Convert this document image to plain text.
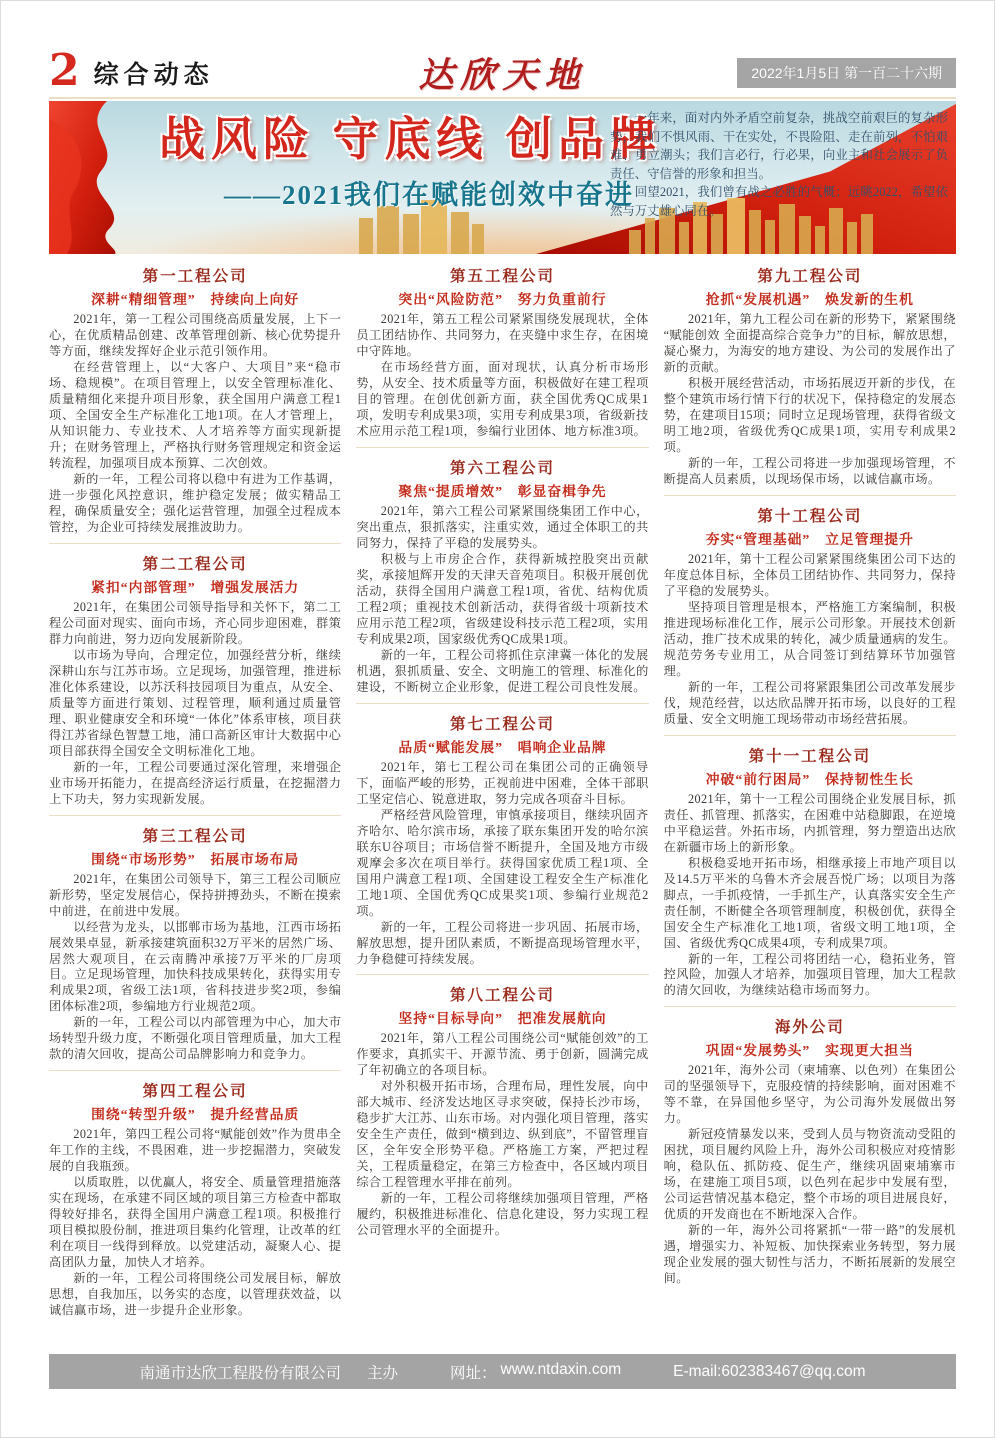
2 综合动态	达欣天地	2022年1月5日 第一百二十六期
战风险 守底线 创品牌
——2021我们在赋能创效中奋进

一年来，面对内外矛盾空前复杂，挑战空前艰巨的复杂形势，我们不惧风雨、干在实处，不畏险阻、走在前列，不怕艰难、勇立潮头；我们言必行，行必果，向业主和社会展示了负责任、守信誉的形象和担当。

回望2021，我们曾有战之必胜的气概；远眺2022，希望依然与万丈雄心同在。

第一工程公司
深耕“精细管理”　持续向上向好

2021年，第一工程公司围绕高质量发展，上下一心，在优质精品创建、改革管理创新、核心优势提升等方面，继续发挥好企业示范引领作用。

在经营管理上，以“大客户、大项目”来“稳市场、稳规模”。在项目管理上，以安全管理标准化、质量精细化来提升项目形象，获全国用户满意工程1项、全国安全生产标准化工地1项。在人才管理上，从知识能力、专业技术、人才培养等方面实现新提升；在财务管理上，严格执行财务管理规定和资金运转流程，加强项目成本预算、二次创效。

新的一年，工程公司将以稳中有进为工作基调，进一步强化风控意识，维护稳定发展；做实精品工程，确保质量安全；强化运营管理，加强全过程成本管控，为企业可持续发展推波助力。

第二工程公司
紧扣“内部管理”　增强发展活力

2021年，在集团公司领导指导和关怀下，第二工程公司面对现实、面向市场，齐心同步迎困难，群策群力向前进，努力迈向发展新阶段。

以市场为导向，合理定位，加强经营分析，继续深耕山东与江苏市场。立足现场，加强管理，推进标准化体系建设，以苏沃科技园项目为重点，从安全、质量等方面进行策划、过程管理，顺利通过质量管理、职业健康安全和环境“一体化”体系审核，项目获得江苏省绿色智慧工地，浦口高新区审计大数据中心项目部获得全国安全文明标准化工地。

新的一年，工程公司要通过深化管理，来增强企业市场开拓能力，在提高经济运行质量，在挖掘潜力上下功夫，努力实现新发展。

第三工程公司
围绕“市场形势”　拓展市场布局

2021年，在集团公司领导下，第三工程公司顺应新形势，坚定发展信心，保持拼搏劲头，不断在摸索中前进，在前进中发展。

以经营为龙头，以邯郸市场为基地，江西市场拓展效果卓显，新承接建筑面积32万平米的居然广场、居然大观项目，在云南腾冲承接7万平米的厂房项目。立足现场管理，加快科技成果转化，获得实用专利成果2项，省级工法1项，省科技进步奖2项，参编团体标准2项，参编地方行业规范2项。

新的一年，工程公司以内部管理为中心，加大市场转型升级力度，不断强化项目管理质量，加大工程款的清欠回收，提高公司品牌影响力和竞争力。

第四工程公司
围绕“转型升级”　提升经营品质

2021年，第四工程公司将“赋能创效”作为贯串全年工作的主线，不畏困难，进一步挖掘潜力，突破发展的自我瓶颈。

以质取胜，以优赢人，将安全、质量管理措施落实在现场，在承建不同区域的项目第三方检查中都取得较好排名，获得全国用户满意工程1项。积极推行项目模拟股份制，推进项目集约化管理，让改革的红利在项目一线得到释放。以党建活动，凝聚人心、提高团队力量，加快人才培养。

新的一年，工程公司将围绕公司发展目标，解放思想，自我加压，以务实的态度，以管理获效益，以诚信赢市场，进一步提升企业形象。

第五工程公司
突出“风险防范”　努力负重前行

2021年，第五工程公司紧紧围绕发展现状，全体员工团结协作、共同努力，在夹缝中求生存，在困境中守阵地。

在市场经营方面，面对现状，认真分析市场形势，从安全、技术质量等方面，积极做好在建工程项目的管理。在创优创新方面，获全国优秀QC成果1项，发明专利成果3项，实用专利成果3项，省级新技术应用示范工程1项，参编行业团体、地方标准3项。

第六工程公司
聚焦“提质增效”　彰显奋楫争先

2021年，第六工程公司紧紧围绕集团工作中心，突出重点，狠抓落实，注重实效，通过全体职工的共同努力，保持了平稳的发展势头。

积极与上市房企合作，获得新城控股突出贡献奖，承接旭辉开发的天津天音苑项目。积极开展创优活动，获得全国用户满意工程1项，省优、结构优质工程2项；重视技术创新活动，获得省级十项新技术应用示范工程2项，省级建设科技示范工程2项，实用专利成果2项，国家级优秀QC成果1项。

新的一年，工程公司将抓住京津冀一体化的发展机遇，狠抓质量、安全、文明施工的管理、标准化的建设，不断树立企业形象，促进工程公司良性发展。

第七工程公司
品质“赋能发展”　唱响企业品牌

2021年，第七工程公司在集团公司的正确领导下，面临严峻的形势，正视前进中困难，全体干部职工坚定信心、锐意进取，努力完成各项奋斗目标。

严格经营风险管理，审慎承接项目，继续巩固齐齐哈尔、哈尔滨市场，承接了联东集团开发的哈尔滨联东U谷项目；市场信誉不断提升，全国及地方市级观摩会多次在项目举行。获得国家优质工程1项、全国用户满意工程1项、全国建设工程安全生产标准化工地1项、全国优秀QC成果奖1项、参编行业规范2项。

新的一年，工程公司将进一步巩固、拓展市场，解放思想，提升团队素质，不断提高现场管理水平，力争稳健可持续发展。

第八工程公司
坚持“目标导向”　把准发展航向

2021年，第八工程公司围绕公司“赋能创效”的工作要求，真抓实干、开源节流、勇于创新，圆满完成了年初确立的各项目标。

对外积极开拓市场，合理布局，理性发展，向中部大城市、经济发达地区寻求突破，保持长沙市场，稳步扩大江苏、山东市场。对内强化项目管理，落实安全生产责任，做到“横到边、纵到底”，不留管理盲区，全年安全形势平稳。严格施工方案，严把过程关，工程质量稳定，在第三方检查中，各区域内项目综合工程管理水平排在前列。

新的一年，工程公司将继续加强项目管理，严格履约，积极推进标准化、信息化建设，努力实现工程公司管理水平的全面提升。

第九工程公司
抢抓“发展机遇”　焕发新的生机

2021年，第九工程公司在新的形势下，紧紧围绕“赋能创效 全面提高综合竞争力”的目标，解放思想，凝心聚力，为海安的地方建设、为公司的发展作出了新的贡献。

积极开展经营活动，市场拓展迈开新的步伐，在整个建筑市场行情下行的状况下，保持稳定的发展态势，在建项目15项；同时立足现场管理，获得省级文明工地2项，省级优秀QC成果1项，实用专利成果2项。

新的一年，工程公司将进一步加强现场管理，不断提高人员素质，以现场保市场，以诚信赢市场。

第十工程公司
夯实“管理基础”　立足管理提升

2021年，第十工程公司紧紧围绕集团公司下达的年度总体目标，全体员工团结协作、共同努力，保持了平稳的发展势头。

坚持项目管理是根本，严格施工方案编制，积极推进现场标准化工作，展示公司形象。开展技术创新活动，推广技术成果的转化，减少质量通病的发生。规范劳务专业用工，从合同签订到结算环节加强管理。

新的一年，工程公司将紧跟集团公司改革发展步伐，规范经营，以达欣品牌开拓市场，以良好的工程质量、安全文明施工现场带动市场经营拓展。

第十一工程公司
冲破“前行困局”　保持韧性生长

2021年，第十一工程公司围绕企业发展目标，抓责任、抓管理、抓落实，在困难中站稳脚跟，在逆境中平稳运营。外拓市场，内抓管理，努力塑造出达欣在新疆市场上的新形象。

积极稳妥地开拓市场，相继承接上市地产项目以及14.5万平米的乌鲁木齐会展吾悦广场；以项目为落脚点，一手抓疫情，一手抓生产，认真落实安全生产责任制，不断健全各项管理制度，积极创优，获得全国安全生产标准化工地1项，省级文明工地1项，全国、省级优秀QC成果4项，专利成果7项。

新的一年，工程公司将团结一心，稳拓业务，管控风险，加强人才培养，加强项目管理，加大工程款的清欠回收，为继续站稳市场而努力。

海外公司
巩固“发展势头”　实现更大担当

2021年，海外公司（柬埔寨、以色列）在集团公司的坚强领导下，克服疫情的持续影响，面对困难不等不靠，在异国他乡坚守，为公司海外发展做出努力。

新冠疫情暴发以来，受到人员与物资流动受阻的困扰，项目履约风险上升，海外公司积极应对疫情影响，稳队伍、抓防疫、促生产，继续巩固柬埔寨市场，在建施工项目5项，以色列在起步中发展有型，公司运营情况基本稳定，整个市场的项目进展良好，优质的开发商也在不断地深入合作。

新的一年，海外公司将紧抓“一带一路”的发展机遇，增强实力、补短板、加快探索业务转型，努力展现企业发展的强大韧性与活力，不断拓展新的发展空间。

南通市达欣工程股份有限公司 主办	网址： www.ntdaxin.com	E-mail:602383467@qq.com
